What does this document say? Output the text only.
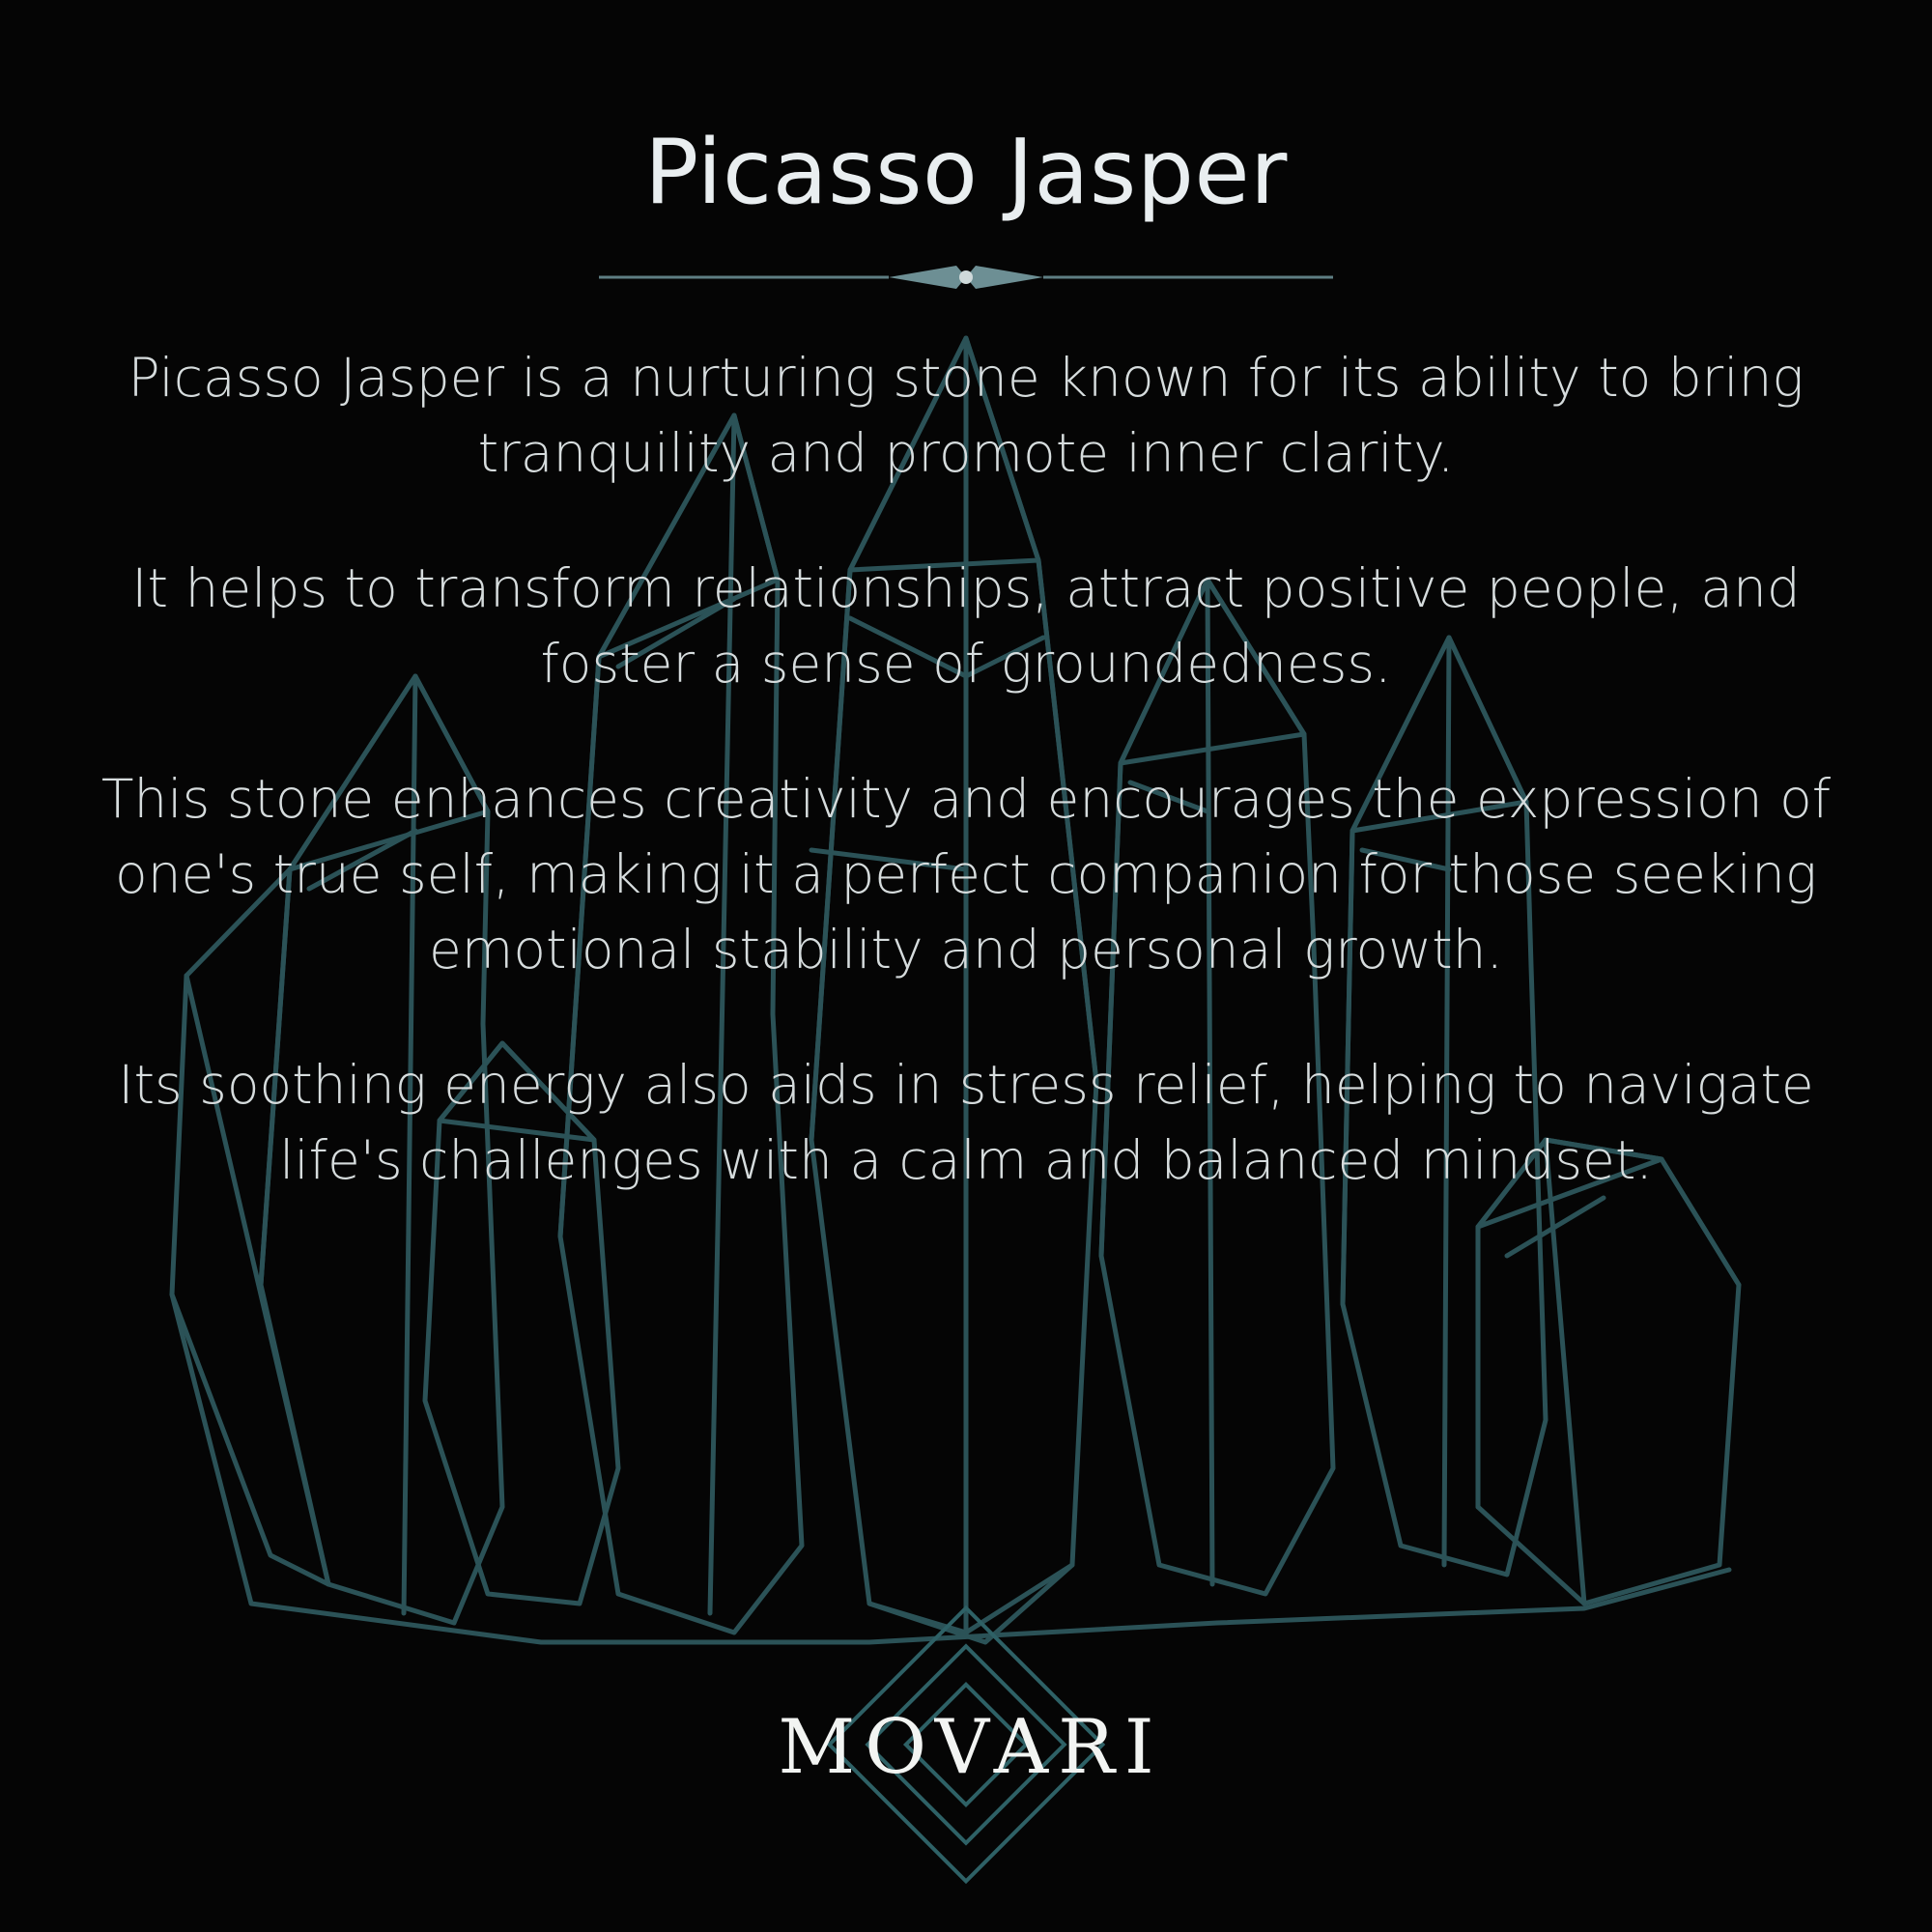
Picasso Jasper

Picasso Jasper is a nurturing stone known for its ability to bring tranquility and promote inner clarity.

It helps to transform relationships, attract positive people, and foster a sense of groundedness.

This stone enhances creativity and encourages the expression of one's true self, making it a perfect companion for those seeking emotional stability and personal growth.

Its soothing energy also aids in stress relief, helping to navigate life's challenges with a calm and balanced mindset.

MOVARI
